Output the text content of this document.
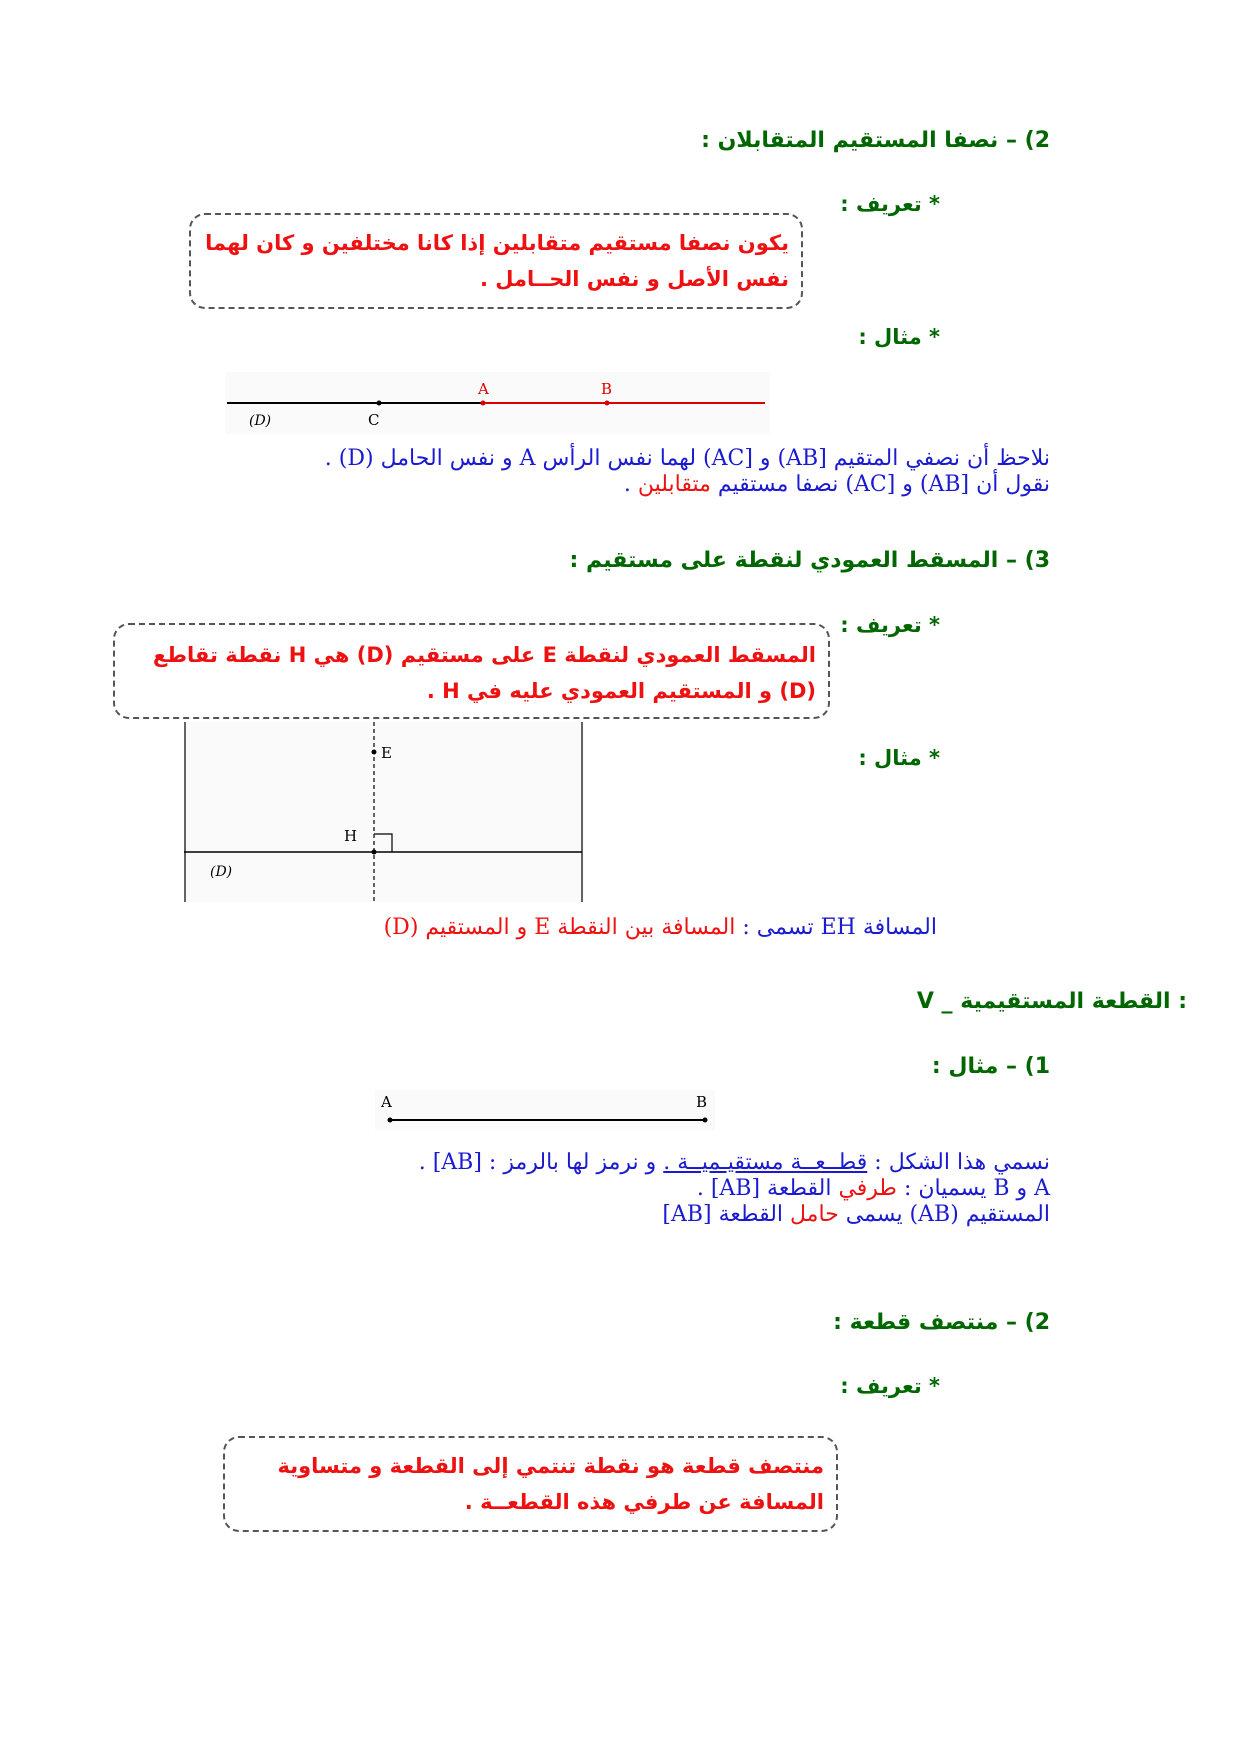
2) – نصفا المستقيم المتقابلان :
* تعريف :
يكون نصفا مستقيم متقابلين إذا كانا مختلفين و كان لهما نفس الأصل و نفس الحــامل .
* مثال :
A	B
C
(D)
نلاحظ أن نصفي المتقيم [AB) و [AC) لهما نفس الرأس A و نفس الحامل (D) .
نقول أن [AB) و [AC) نصفا مستقيم متقابلين .
3) – المسقط العمودي لنقطة على مستقيم :
* تعريف :
المسقط العمودي لنقطة E على مستقيم (D) هي H نقطة تقاطع (D) و المستقيم العمودي عليه في H .
* مثال :
E
H
(D)
المسافة EH تسمى : المسافة بين النقطة E و المستقيم (D)
V _ القطعة المستقيمية :
1) – مثال :
A	B
نسمي هذا الشكل : قطــعــة مستقيـميــة . و نرمز لها بالرمز : [AB] .
A و B يسميان : طرفي القطعة [AB] .
المستقيم (AB) يسمى حامل القطعة [AB]
2) – منتصف قطعة :
* تعريف :
منتصف قطعة هو نقطة تنتمي إلى القطعة و متساوية المسافة عن طرفي هذه القطعــة .
